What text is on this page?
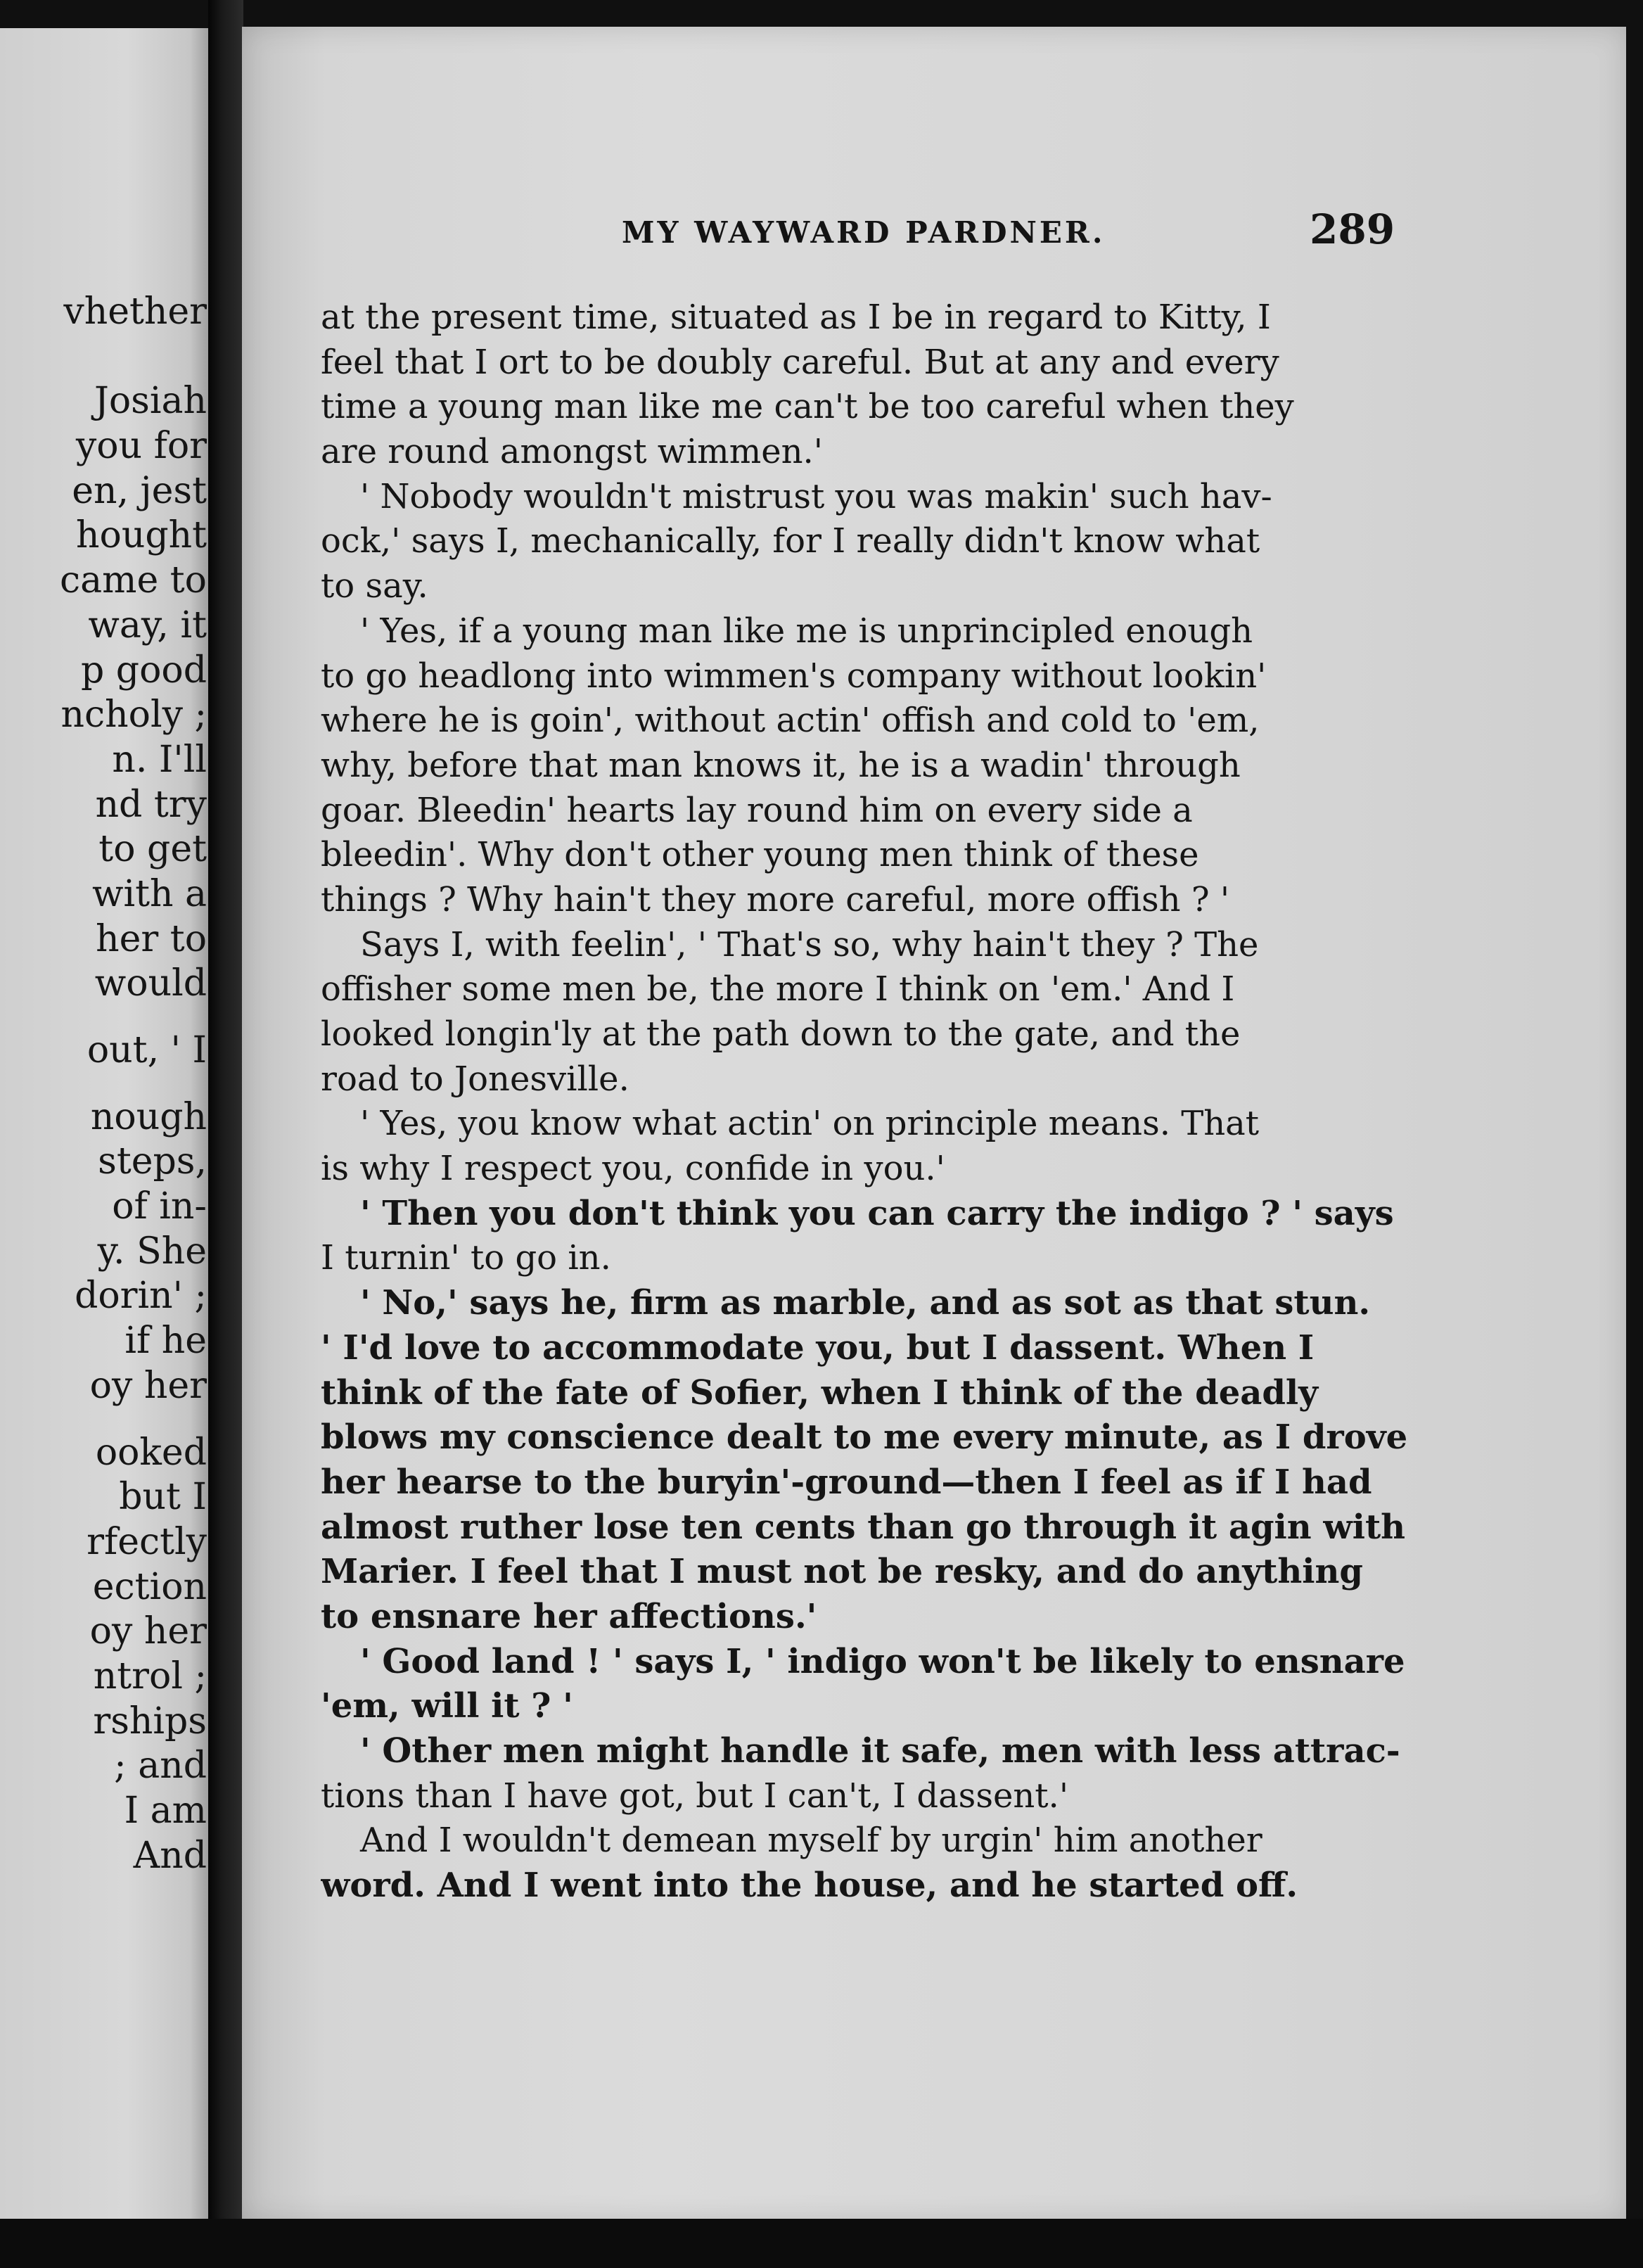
vhether
Josiah
you for
en, jest
hought
came to
way, it
p good
ncholy ;
n. I'll
nd try
to get
with a
her to
would
out, ' I
nough
steps,
of in-
y. She
dorin' ;
if he
oy her
ooked
but I
rfectly
ection
oy her
ntrol ;
rships
; and
I am
And
MY WAYWARD PARDNER.	289
at the present time, situated as I be in regard to Kitty, I
feel that I ort to be doubly careful. But at any and every
time a young man like me can't be too careful when they
are round amongst wimmen.'
' Nobody wouldn't mistrust you was makin' such hav-
ock,' says I, mechanically, for I really didn't know what
to say.
' Yes, if a young man like me is unprincipled enough
to go headlong into wimmen's company without lookin'
where he is goin', without actin' offish and cold to 'em,
why, before that man knows it, he is a wadin' through
goar. Bleedin' hearts lay round him on every side a
bleedin'. Why don't other young men think of these
things ? Why hain't they more careful, more offish ? '
Says I, with feelin', ' That's so, why hain't they ? The
offisher some men be, the more I think on 'em.' And I
looked longin'ly at the path down to the gate, and the
road to Jonesville.
' Yes, you know what actin' on principle means. That
is why I respect you, confide in you.'
' Then you don't think you can carry the indigo ? ' says
I turnin' to go in.
' No,' says he, firm as marble, and as sot as that stun.
' I'd love to accommodate you, but I dassent. When I
think of the fate of Sofier, when I think of the deadly
blows my conscience dealt to me every minute, as I drove
her hearse to the buryin'-ground—then I feel as if I had
almost ruther lose ten cents than go through it agin with
Marier. I feel that I must not be resky, and do anything
to ensnare her affections.'
' Good land ! ' says I, ' indigo won't be likely to ensnare
'em, will it ? '
' Other men might handle it safe, men with less attrac-
tions than I have got, but I can't, I dassent.'
And I wouldn't demean myself by urgin' him another
word. And I went into the house, and he started off.
